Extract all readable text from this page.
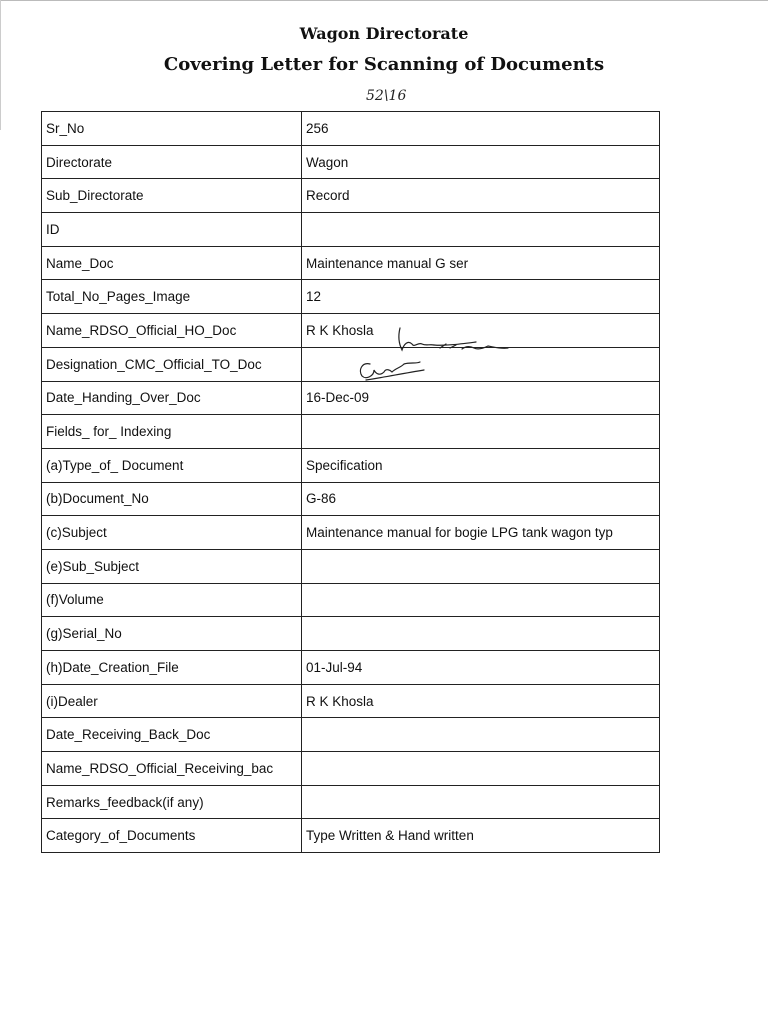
Wagon Directorate
Covering Letter for Scanning of Documents
52\16
Sr_No	256
Directorate	Wagon
Sub_Directorate	Record
ID	
Name_Doc	Maintenance manual G ser
Total_No_Pages_Image	12
Name_RDSO_Official_HO_Doc	R K Khosla
Designation_CMC_Official_TO_Doc	
Date_Handing_Over_Doc	16-Dec-09
Fields_ for_ Indexing	
(a)Type_of_ Document	Specification
(b)Document_No	G-86
(c)Subject	Maintenance manual for bogie LPG tank wagon typ
(e)Sub_Subject	
(f)Volume	
(g)Serial_No	
(h)Date_Creation_File	01-Jul-94
(i)Dealer	R K Khosla
Date_Receiving_Back_Doc	
Name_RDSO_Official_Receiving_bac	
Remarks_feedback(if any)	
Category_of_Documents	Type Written & Hand written
